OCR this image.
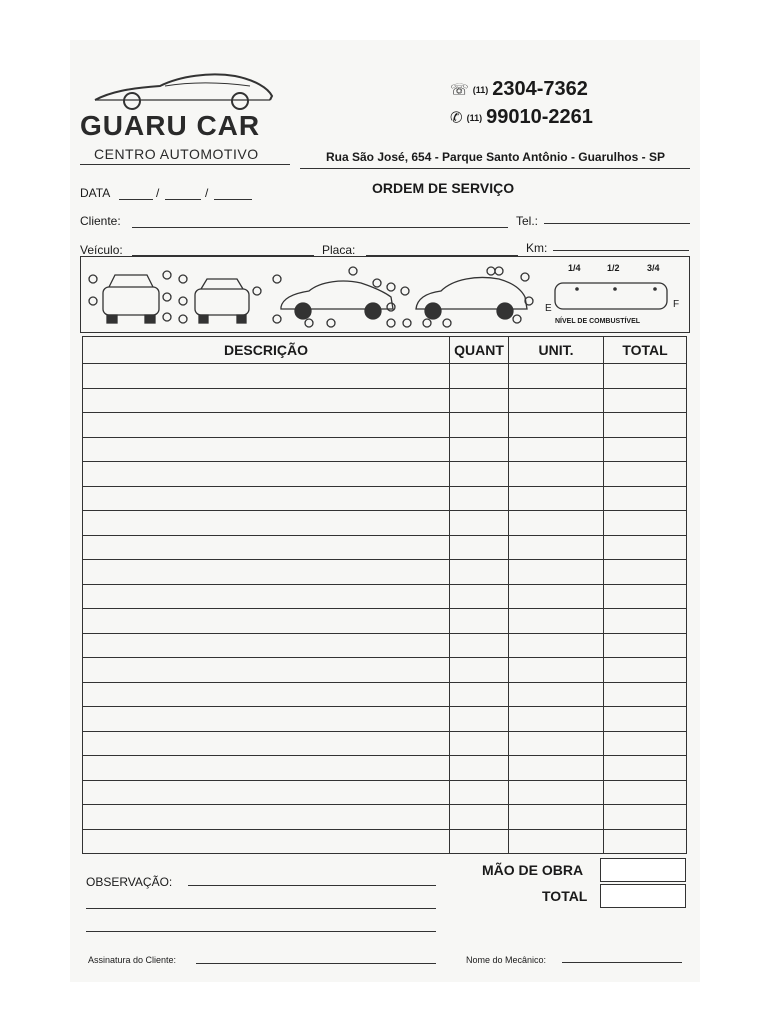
GUARU CAR
CENTRO AUTOMOTIVO
☏ (11) 2304-7362
✆ (11) 99010-2261
Rua São José, 654 - Parque Santo Antônio - Guarulhos - SP
ORDEM DE SERVIÇO
DATA	/	/
Cliente:	Tel.:
Veículo:	Placa:	Km:
1/4	1/2	3/4
E	F
NÍVEL DE COMBUSTÍVEL
DESCRIÇÃO	QUANT	UNIT.	TOTAL

OBSERVAÇÃO:
MÃO DE OBRA
TOTAL
Assinatura do Cliente:	Nome do Mecânico:
